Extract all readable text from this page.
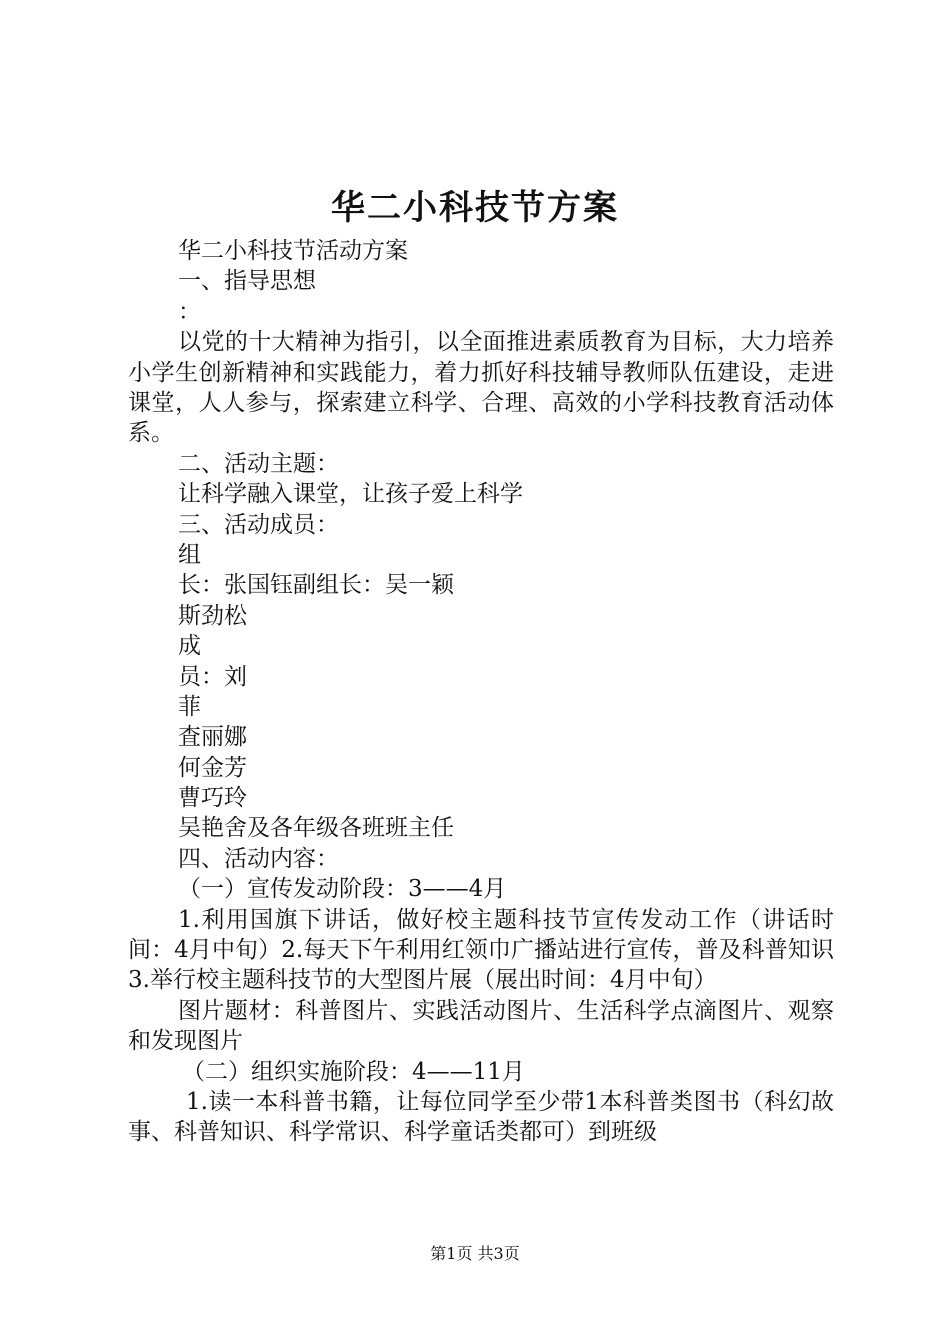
华二小科技节方案
华二小科技节活动方案
一、指导思想
：
以党的十大精神为指引，以全面推进素质教育为目标，大力培养小学生创新精神和实践能力，着力抓好科技辅导教师队伍建设，走进课堂，人人参与，探索建立科学、合理、高效的小学科技教育活动体系。
二、活动主题：
让科学融入课堂，让孩子爱上科学
三、活动成员：
组
长：张国钰副组长：吴一颖
斯劲松
成
员：刘
菲
査丽娜
何金芳
曹巧玲
吴艳舍及各年级各班班主任
四、活动内容：
（一）宣传发动阶段：3——4月
1.利用国旗下讲话，做好校主题科技节宣传发动工作（讲话时间：4月中旬）2.每天下午利用红领巾广播站进行宣传，普及科普知识3.举行校主题科技节的大型图片展（展出时间：4月中旬）
图片题材：科普图片、实践活动图片、生活科学点滴图片、观察和发现图片
（二）组织实施阶段：4——11月
1.读一本科普书籍，让每位同学至少带1本科普类图书（科幻故事、科普知识、科学常识、科学童话类都可）到班级
第1页 共3页
